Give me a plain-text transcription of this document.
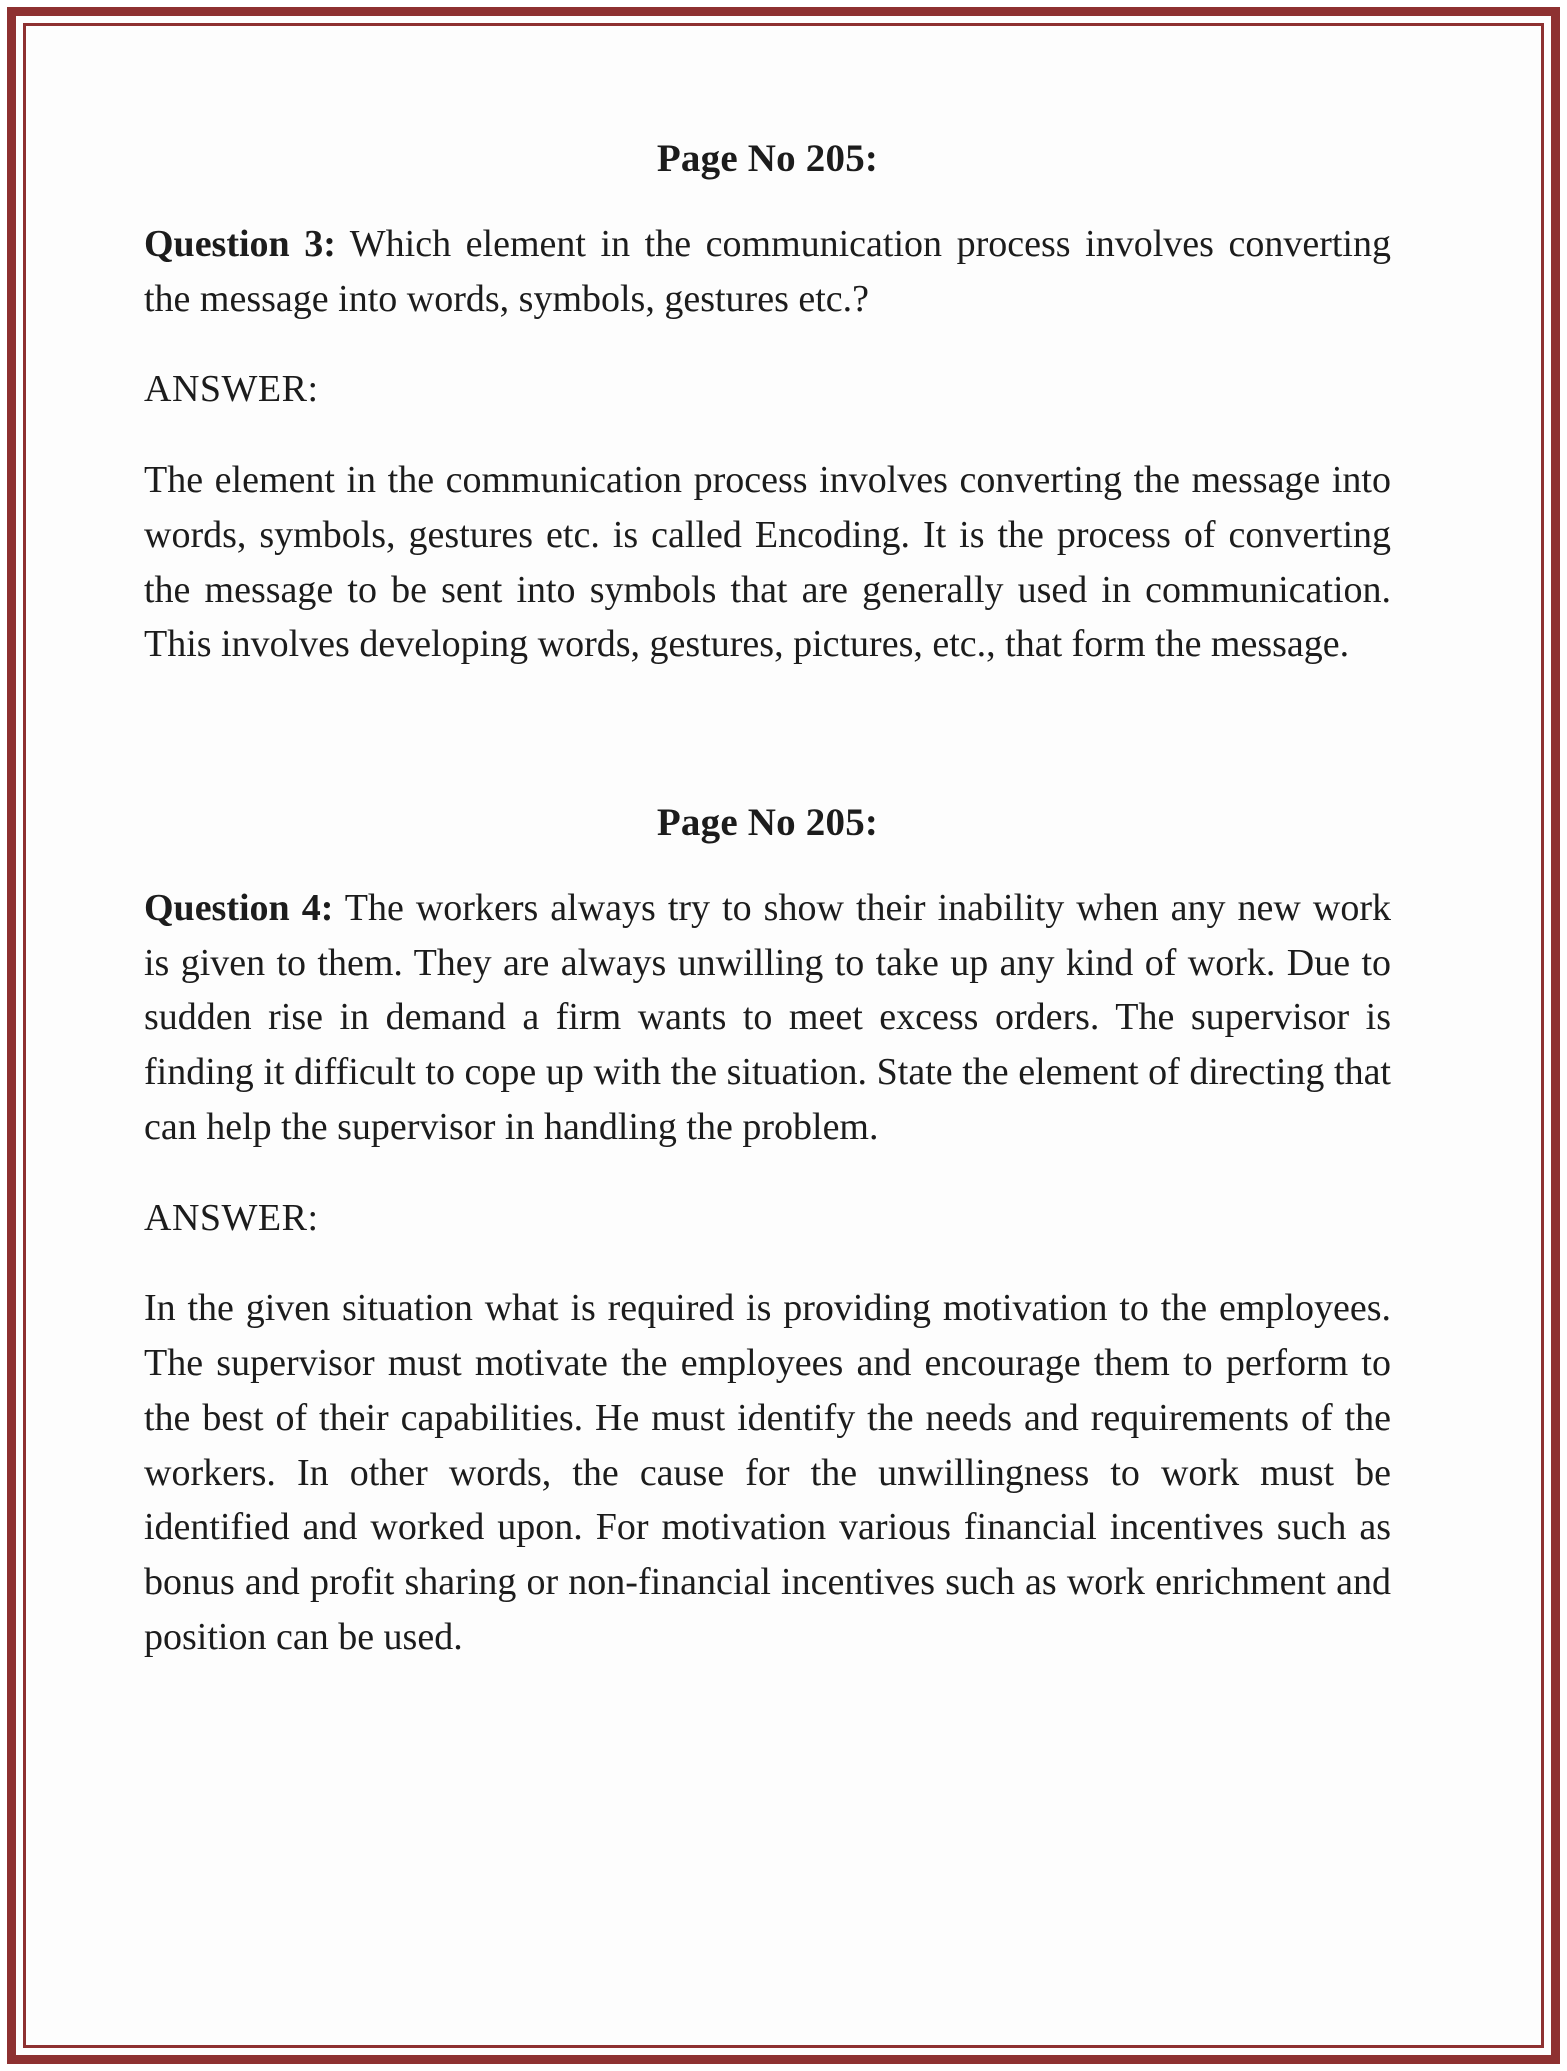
Page No 205:

Question 3: Which element in the communication process involves converting the message into words, symbols, gestures etc.?

ANSWER:

The element in the communication process involves converting the message into words, symbols, gestures etc. is called Encoding. It is the process of converting the message to be sent into symbols that are generally used in communication. This involves developing words, gestures, pictures, etc., that form the message.

Page No 205:

Question 4: The workers always try to show their inability when any new work is given to them. They are always unwilling to take up any kind of work. Due to sudden rise in demand a firm wants to meet excess orders. The supervisor is finding it difficult to cope up with the situation. State the element of directing that can help the supervisor in handling the problem.

ANSWER:

In the given situation what is required is providing motivation to the employees. The supervisor must motivate the employees and encourage them to perform to the best of their capabilities. He must identify the needs and requirements of the workers. In other words, the cause for the unwillingness to work must be identified and worked upon. For motivation various financial incentives such as bonus and profit sharing or non-financial incentives such as work enrichment and position can be used.
